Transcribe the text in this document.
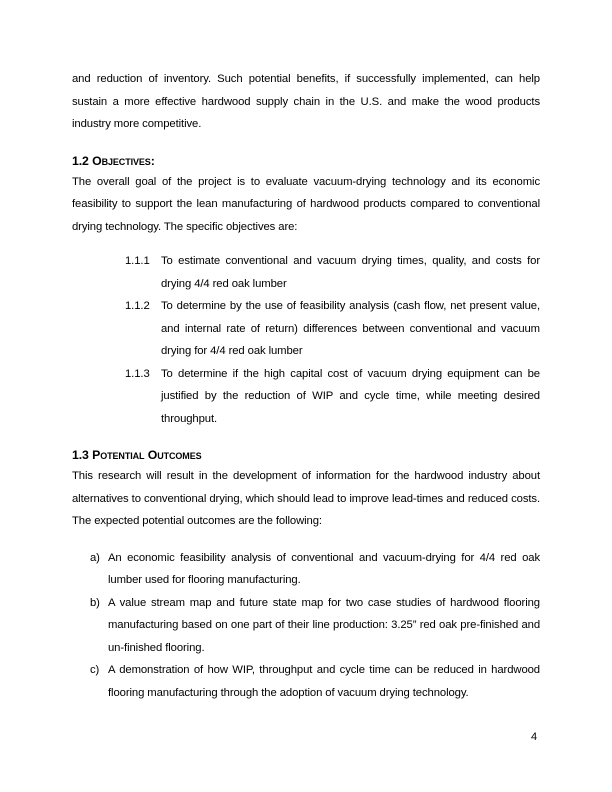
and reduction of inventory. Such potential benefits, if successfully implemented, can help sustain a more effective hardwood supply chain in the U.S. and make the wood products industry more competitive.

1.2 Objectives:

The overall goal of the project is to evaluate vacuum-drying technology and its economic feasibility to support the lean manufacturing of hardwood products compared to conventional drying technology. The specific objectives are:

1.1.1 To estimate conventional and vacuum drying times, quality, and costs for drying 4/4 red oak lumber
1.1.2 To determine by the use of feasibility analysis (cash flow, net present value, and internal rate of return) differences between conventional and vacuum drying for 4/4 red oak lumber
1.1.3 To determine if the high capital cost of vacuum drying equipment can be justified by the reduction of WIP and cycle time, while meeting desired throughput.
1.3 Potential Outcomes

This research will result in the development of information for the hardwood industry about alternatives to conventional drying, which should lead to improve lead-times and reduced costs. The expected potential outcomes are the following:

a) An economic feasibility analysis of conventional and vacuum-drying for 4/4 red oak lumber used for flooring manufacturing.
b) A value stream map and future state map for two case studies of hardwood flooring manufacturing based on one part of their line production: 3.25” red oak pre-finished and un-finished flooring.
c) A demonstration of how WIP, throughput and cycle time can be reduced in hardwood flooring manufacturing through the adoption of vacuum drying technology.
4
